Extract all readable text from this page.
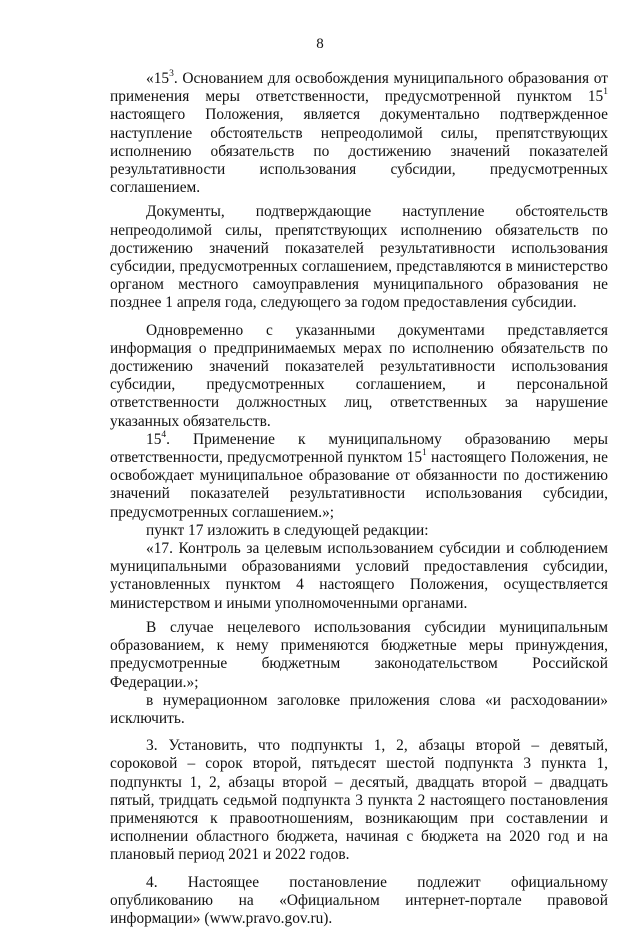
8

«$15^3$. Основанием для освобождения муниципального образования от применения меры ответственности, предусмотренной пунктом $15^1$ настоящего Положения, является документально подтвержденное наступление обстоятельств непреодолимой силы, препятствующих исполнению обязательств по достижению значений показателей результативности использования субсидии, предусмотренных соглашением.

Документы, подтверждающие наступление обстоятельств непреодолимой силы, препятствующих исполнению обязательств по достижению значений показателей результативности использования субсидии, предусмотренных соглашением, представляются в министерство органом местного самоуправления муниципального образования не позднее 1 апреля года, следующего за годом предоставления субсидии.

Одновременно с указанными документами представляется информация о предпринимаемых мерах по исполнению обязательств по достижению значений показателей результативности использования субсидии, предусмотренных соглашением, и персональной ответственности должностных лиц, ответственных за нарушение указанных обязательств.

$15^4$. Применение к муниципальному образованию меры ответственности, предусмотренной пунктом $15^1$ настоящего Положения, не освобождает муниципальное образование от обязанности по достижению значений показателей результативности использования субсидии, предусмотренных соглашением.»;

пункт 17 изложить в следующей редакции:

«17. Контроль за целевым использованием субсидии и соблюдением муниципальными образованиями условий предоставления субсидии, установленных пунктом 4 настоящего Положения, осуществляется министерством и иными уполномоченными органами.

В случае нецелевого использования субсидии муниципальным образованием, к нему применяются бюджетные меры принуждения, предусмотренные бюджетным законодательством Российской Федерации.»;

в нумерационном заголовке приложения слова «и расходовании» исключить.

3. Установить, что подпункты 1, 2, абзацы второй – девятый, сороковой – сорок второй, пятьдесят шестой подпункта 3 пункта 1, подпункты 1, 2, абзацы второй – десятый, двадцать второй – двадцать пятый, тридцать седьмой подпункта 3 пункта 2 настоящего постановления применяются к правоотношениям, возникающим при составлении и исполнении областного бюджета, начиная с бюджета на 2020 год и на плановый период 2021 и 2022 годов.

4. Настоящее постановление подлежит официальному опубликованию на «Официальном интернет-портале правовой информации» (www.pravo.gov.ru).
